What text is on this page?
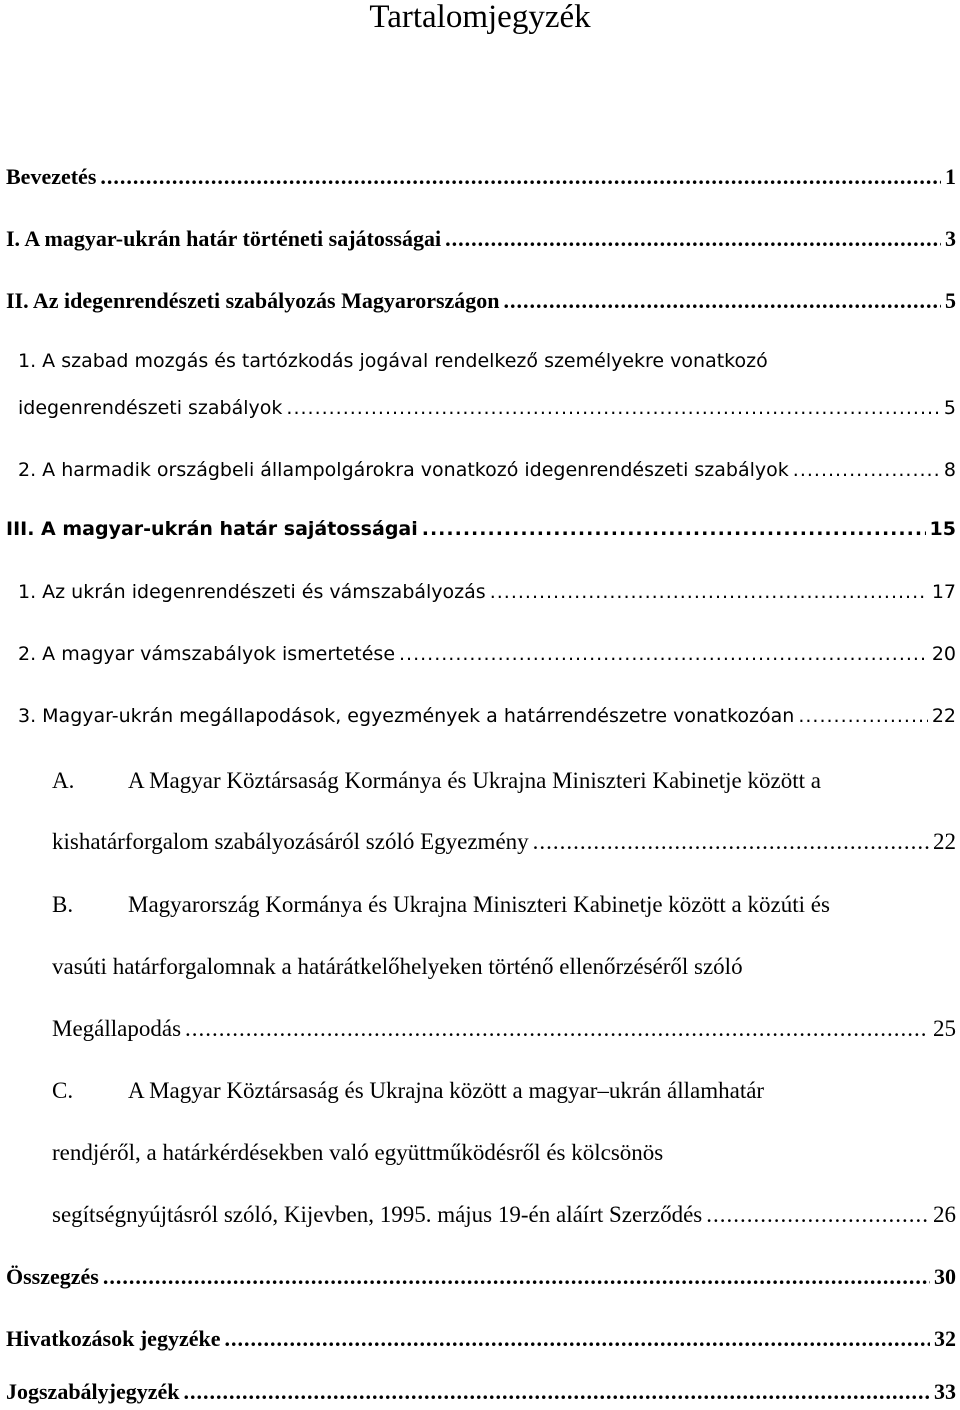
Tartalomjegyzék
Bevezetés .....	1
I. A magyar-ukrán határ történeti sajátosságai .....	3
II. Az idegenrendészeti szabályozás Magyarországon .....	5
1. A szabad mozgás és tartózkodás jogával rendelkező személyekre vonatkozó
idegenrendészeti szabályok .....	5
2. A harmadik országbeli állampolgárokra vonatkozó idegenrendészeti szabályok .....	8
III. A magyar-ukrán határ sajátosságai .....	15
1. Az ukrán idegenrendészeti és vámszabályozás .....	17
2. A magyar vámszabályok ismertetése .....	20
3. Magyar-ukrán megállapodások, egyezmények a határrendészetre vonatkozóan .....	22
A. A Magyar Köztársaság Kormánya és Ukrajna Miniszteri Kabinetje között a
kishatárforgalom szabályozásáról szóló Egyezmény .....	22
B. Magyarország Kormánya és Ukrajna Miniszteri Kabinetje között a közúti és
vasúti határforgalomnak a határátkelőhelyeken történő ellenőrzéséről szóló
Megállapodás .....	25
C. A Magyar Köztársaság és Ukrajna között a magyar–ukrán államhatár
rendjéről, a határkérdésekben való együttműködésről és kölcsönös
segítségnyújtásról szóló, Kijevben, 1995. május 19-én aláírt Szerződés .....	26
Összegzés .....	30
Hivatkozások jegyzéke .....	32
Jogszabályjegyzék .....	33
